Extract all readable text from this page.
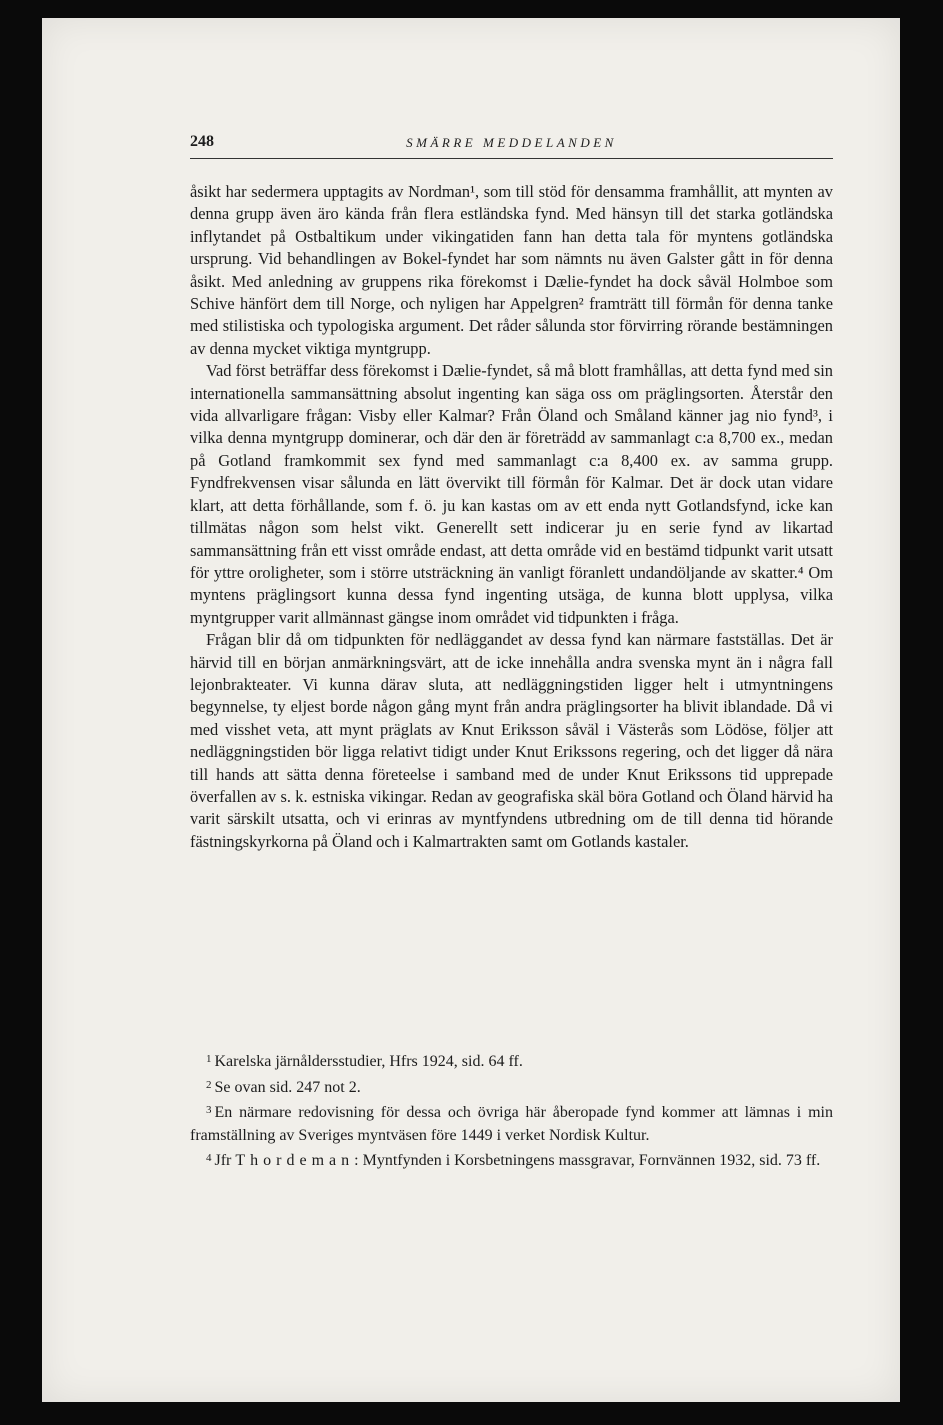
248	SMÄRRE MEDDELANDEN

åsikt har sedermera upptagits av Nordman¹, som till stöd för densamma framhållit, att mynten av denna grupp även äro kända från flera estländska fynd. Med hänsyn till det starka gotländska inflytandet på Ostbaltikum under vikingatiden fann han detta tala för myntens gotländska ursprung. Vid behandlingen av Bokel-fyndet har som nämnts nu även Galster gått in för denna åsikt. Med anledning av gruppens rika förekomst i Dælie-fyndet ha dock såväl Holmboe som Schive hänfört dem till Norge, och nyligen har Appelgren² framträtt till förmån för denna tanke med stilistiska och typologiska argument. Det råder sålunda stor förvirring rörande bestämningen av denna mycket viktiga myntgrupp.

Vad först beträffar dess förekomst i Dælie-fyndet, så må blott framhållas, att detta fynd med sin internationella sammansättning absolut ingenting kan säga oss om präglingsorten. Återstår den vida allvarligare frågan: Visby eller Kalmar? Från Öland och Småland känner jag nio fynd³, i vilka denna myntgrupp dominerar, och där den är företrädd av sammanlagt c:a 8,700 ex., medan på Gotland framkommit sex fynd med sammanlagt c:a 8,400 ex. av samma grupp. Fyndfrekvensen visar sålunda en lätt övervikt till förmån för Kalmar. Det är dock utan vidare klart, att detta förhållande, som f. ö. ju kan kastas om av ett enda nytt Gotlandsfynd, icke kan tillmätas någon som helst vikt. Generellt sett indicerar ju en serie fynd av likartad sammansättning från ett visst område endast, att detta område vid en bestämd tidpunkt varit utsatt för yttre oroligheter, som i större utsträckning än vanligt föranlett undandöljande av skatter.⁴ Om myntens präglingsort kunna dessa fynd ingenting utsäga, de kunna blott upplysa, vilka myntgrupper varit allmännast gängse inom området vid tidpunkten i fråga.

Frågan blir då om tidpunkten för nedläggandet av dessa fynd kan närmare fastställas. Det är härvid till en början anmärkningsvärt, att de icke innehålla andra svenska mynt än i några fall lejonbrakteater. Vi kunna därav sluta, att nedläggningstiden ligger helt i utmyntningens begynnelse, ty eljest borde någon gång mynt från andra präglingsorter ha blivit iblandade. Då vi med visshet veta, att mynt präglats av Knut Eriksson såväl i Västerås som Lödöse, följer att nedläggningstiden bör ligga relativt tidigt under Knut Erikssons regering, och det ligger då nära till hands att sätta denna företeelse i samband med de under Knut Erikssons tid upprepade överfallen av s. k. estniska vikingar. Redan av geografiska skäl böra Gotland och Öland härvid ha varit särskilt utsatta, och vi erinras av myntfyndens utbredning om de till denna tid hörande fästningskyrkorna på Öland och i Kalmartrakten samt om Gotlands kastaler.

$^1$ Karelska järnåldersstudier, Hfrs 1924, sid. 64 ff.

$^2$ Se ovan sid. 247 not 2.

$^3$ En närmare redovisning för dessa och övriga här åberopade fynd kommer att lämnas i min framställning av Sveriges myntväsen före 1449 i verket Nordisk Kultur.

$^4$ Jfr Thordeman: Myntfynden i Korsbetningens massgravar, Fornvännen 1932, sid. 73 ff.
